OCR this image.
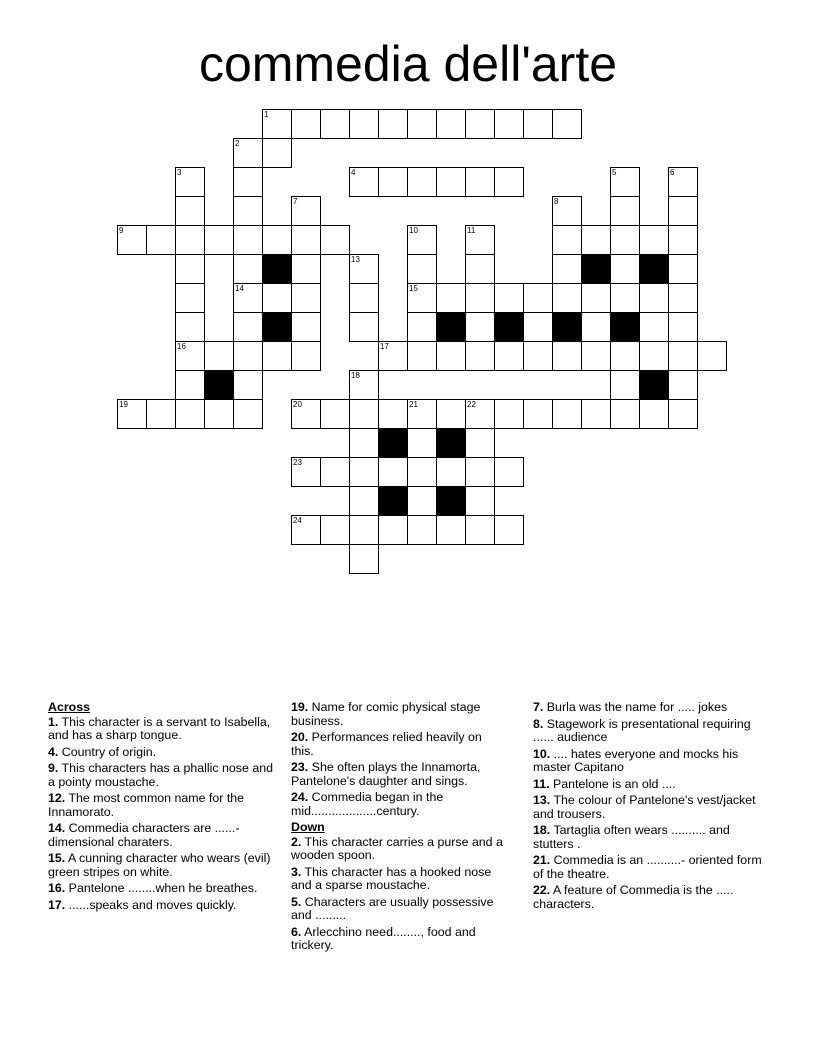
commedia dell'arte
1
2
3	4	5	6
7	8
9	10	11
13
14	15
16	17
18
19	20	21	22
23
24
Across
1. This character is a servant to Isabella, and has a sharp tongue.
4. Country of origin.
9. This characters has a phallic nose and a pointy moustache.
12. The most common name for the Innamorato.
14. Commedia characters are ......-dimensional charaters.
15. A cunning character who wears (evil) green stripes on white.
16. Pantelone ........when he breathes.
17. ......speaks and moves quickly.
19. Name for comic physical stage business.
20. Performances relied heavily on this.
23. She often plays the Innamorta, Pantelone's daughter and sings.
24. Commedia began in the mid...................century.
Down
2. This character carries a purse and a wooden spoon.
3. This character has a hooked nose and a sparse moustache.
5. Characters are usually possessive and .........
6. Arlecchino need........, food and trickery.
7. Burla was the name for ..... jokes
8. Stagework is presentational requiring ...... audience
10. .... hates everyone and mocks his master Capitano
11. Pantelone is an old ....
13. The colour of Pantelone's vest/jacket and trousers.
18. Tartaglia often wears .......... and stutters .
21. Commedia is an ..........- oriented form of the theatre.
22. A feature of Commedia is the ..... characters.
